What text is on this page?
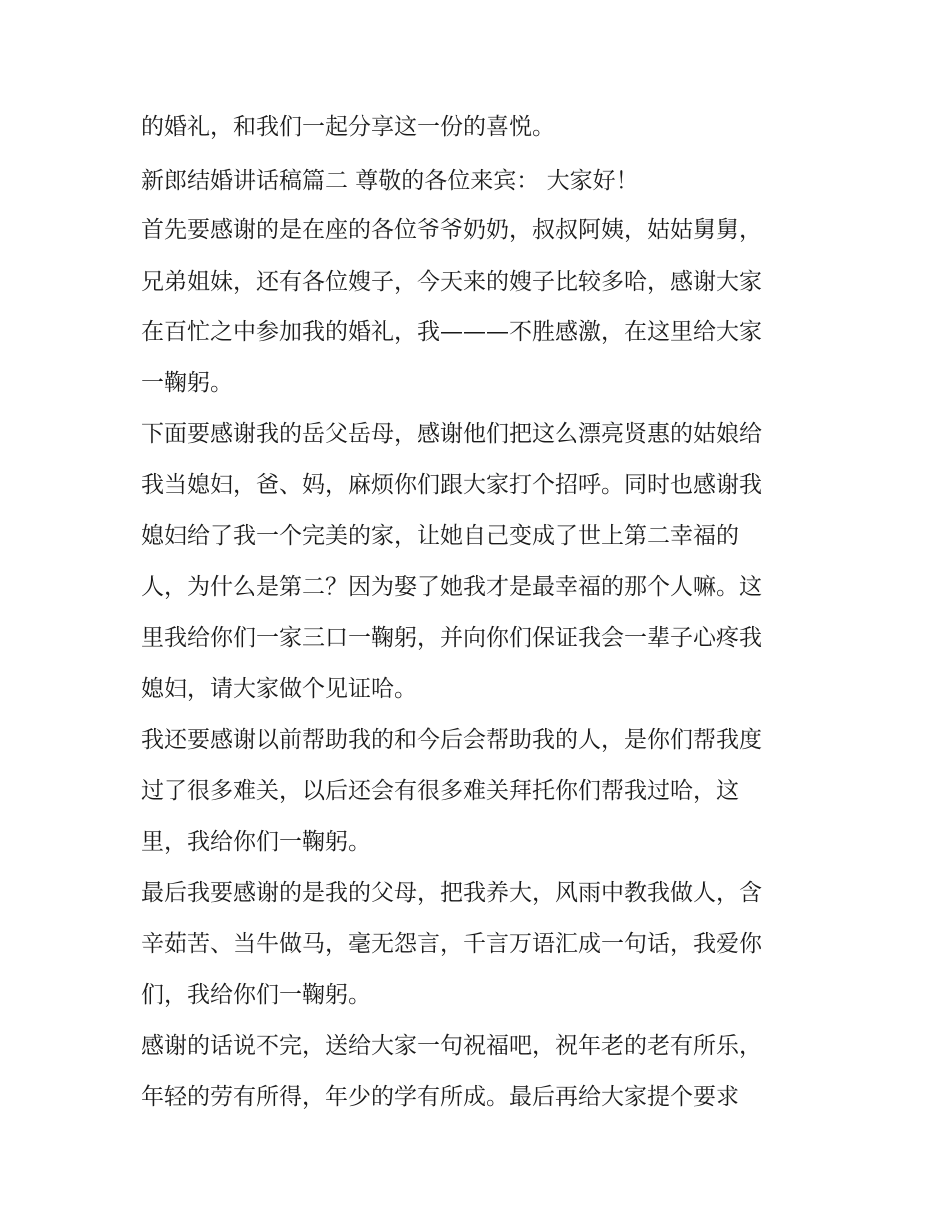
的婚礼，和我们一起分享这一份的喜悦。
新郎结婚讲话稿篇二 尊敬的各位来宾： 大家好！
首先要感谢的是在座的各位爷爷奶奶，叔叔阿姨，姑姑舅舅，
兄弟姐妹，还有各位嫂子，今天来的嫂子比较多哈，感谢大家
在百忙之中参加我的婚礼，我———不胜感激，在这里给大家
一鞠躬。
下面要感谢我的岳父岳母，感谢他们把这么漂亮贤惠的姑娘给
我当媳妇，爸、妈，麻烦你们跟大家打个招呼。同时也感谢我
媳妇给了我一个完美的家，让她自己变成了世上第二幸福的
人，为什么是第二？因为娶了她我才是最幸福的那个人嘛。这
里我给你们一家三口一鞠躬，并向你们保证我会一辈子心疼我
媳妇，请大家做个见证哈。
我还要感谢以前帮助我的和今后会帮助我的人，是你们帮我度
过了很多难关，以后还会有很多难关拜托你们帮我过哈，这
里，我给你们一鞠躬。
最后我要感谢的是我的父母，把我养大，风雨中教我做人，含
辛茹苦、当牛做马，毫无怨言，千言万语汇成一句话，我爱你
们，我给你们一鞠躬。
感谢的话说不完，送给大家一句祝福吧，祝年老的老有所乐，
年轻的劳有所得，年少的学有所成。最后再给大家提个要求
